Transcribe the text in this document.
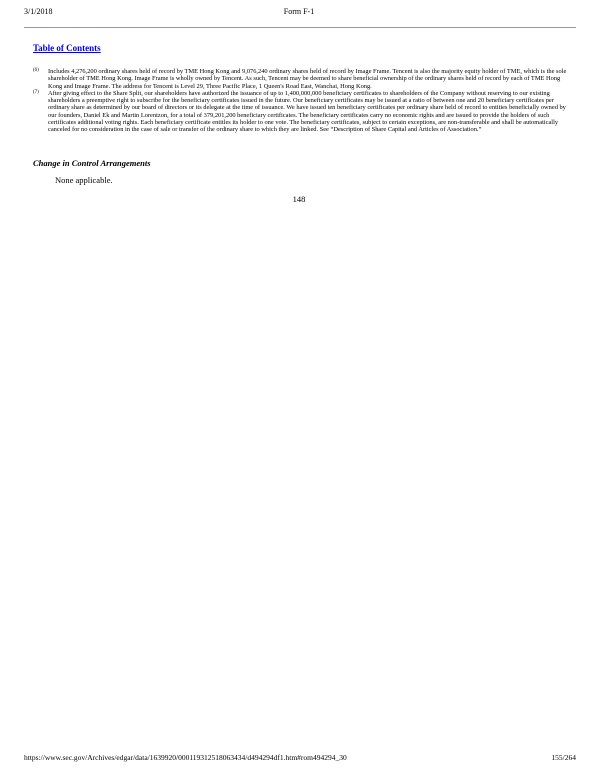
3/1/2018	Form F-1
Table of Contents
(6) Includes 4,276,200 ordinary shares held of record by TME Hong Kong and 9,076,240 ordinary shares held of record by Image Frame. Tencent is also the majority equity holder of TME, which is the sole shareholder of TME Hong Kong. Image Frame is wholly owned by Tencent. As such, Tencent may be deemed to share beneficial ownership of the ordinary shares held of record by each of TME Hong Kong and Image Frame. The address for Tencent is Level 29, Three Pacific Place, 1 Queen's Road East, Wanchai, Hong Kong.
(7) After giving effect to the Share Split, our shareholders have authorized the issuance of up to 1,400,000,000 beneficiary certificates to shareholders of the Company without reserving to our existing shareholders a preemptive right to subscribe for the beneficiary certificates issued in the future. Our beneficiary certificates may be issued at a ratio of between one and 20 beneficiary certificates per ordinary share as determined by our board of directors or its delegate at the time of issuance. We have issued ten beneficiary certificates per ordinary share held of record to entities beneficially owned by our founders, Daniel Ek and Martin Lorentzon, for a total of 379,201,200 beneficiary certificates. The beneficiary certificates carry no economic rights and are issued to provide the holders of such certificates additional voting rights. Each beneficiary certificate entitles its holder to one vote. The beneficiary certificates, subject to certain exceptions, are non-transferable and shall be automatically canceled for no consideration in the case of sale or transfer of the ordinary share to which they are linked. See “Description of Share Capital and Articles of Association.”
Change in Control Arrangements
None applicable.
148
https://www.sec.gov/Archives/edgar/data/1639920/000119312518063434/d494294df1.htm#rom494294_30	155/264
